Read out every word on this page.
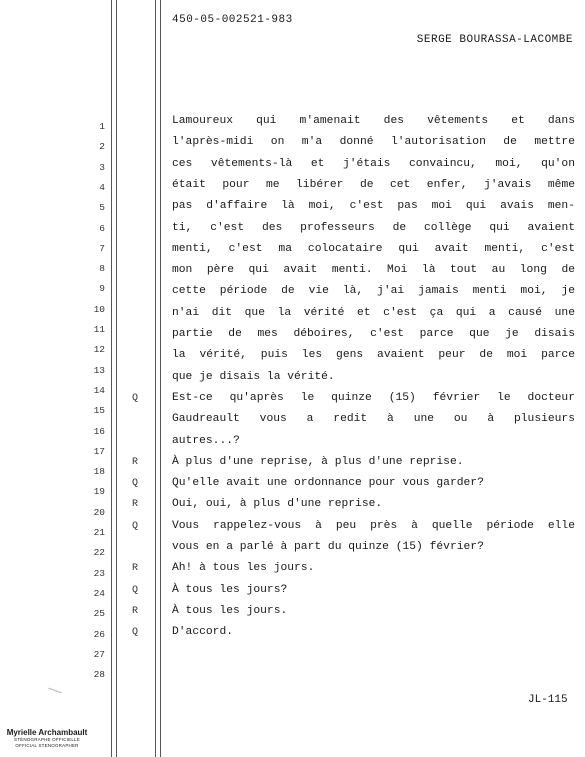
450-05-002521-983
SERGE BOURASSA-LACOMBE
1	Lamoureux qui m'amenait des vêtements et dans
2	l'après-midi on m'a donné l'autorisation de mettre
3	ces vêtements-là et j'étais convaincu, moi, qu'on
4	était pour me libérer de cet enfer, j'avais même
5	pas d'affaire là moi, c'est pas moi qui avais men-
6	ti, c'est des professeurs de collège qui avaient
7	menti, c'est ma colocataire qui avait menti, c'est
8	mon père qui avait menti. Moi là tout au long de
9	cette période de vie là, j'ai jamais menti moi, je
10	n'ai dit que la vérité et c'est ça qui a causé une
11	partie de mes déboires, c'est parce que je disais
12	la vérité, puis les gens avaient peur de moi parce
13
que je disais la vérité.
14
Q	Est-ce qu'après le quinze (15) février le docteur
15
Gaudreault vous a redit à une ou à plusieurs
16
autres...?
17
R	À plus d'une reprise, à plus d'une reprise.
18
Q	Qu'elle avait une ordonnance pour vous garder?
19
R	Oui, oui, à plus d'une reprise.
20
Q	Vous rappelez-vous à peu près à quelle période elle
21
vous en a parlé à part du quinze (15) février?
22
R	Ah! à tous les jours.
23
Q	À tous les jours?
24
R	À tous les jours.
25
Q	D'accord.
26
27
28
JL-115
Myrielle Archambault
STÉNOGRAPHE OFFICIELLE
OFFICIAL STENOGRAPHER
